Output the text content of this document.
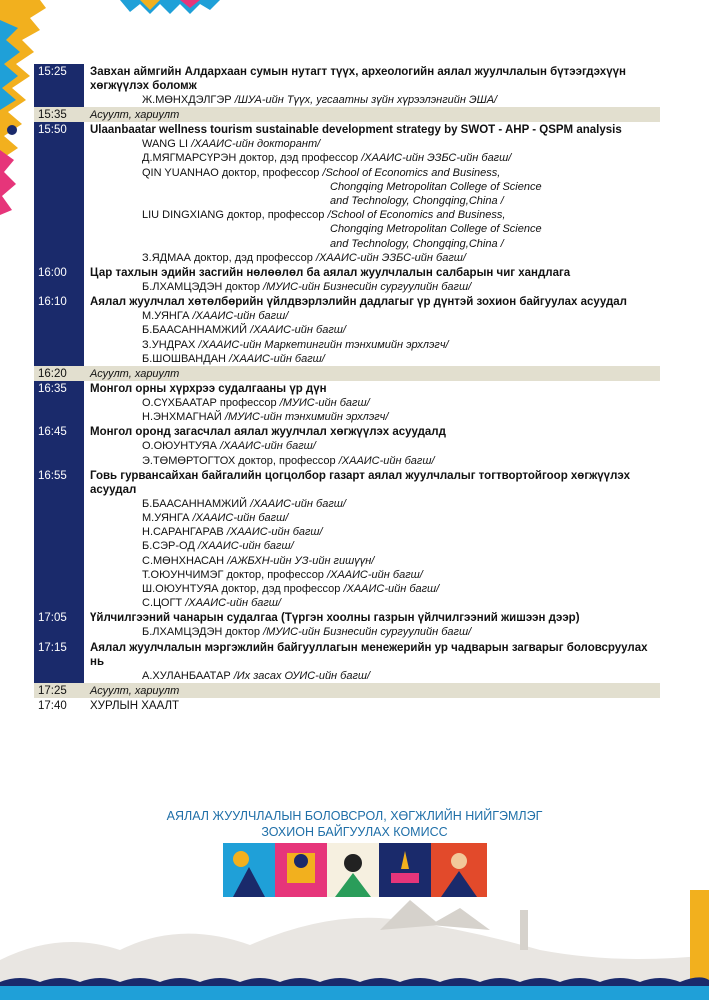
15:25	Завхан аймгийн Алдархаан сумын нутагт түүх, археологийн аялал жуулчлалын бүтээгдэхүүн хөгжүүлэх боломж
Ж.МӨНХДЭЛГЭР /ШУА-ийн Түүх, угсаатны зүйн хүрээлэнгийн ЭША/
15:35	Асуулт, хариулт
15:50	Ulaanbaatar wellness tourism sustainable development strategy by SWOT - AHP - QSPM analysis
WANG LI /ХААИС-ийн докторант/
Д.МЯГМАРСҮРЭН доктор, дэд профессор /ХААИС-ийн ЭЗБС-ийн багш/
QIN YUANHAO доктор, профессор /School of Economics and Business,
Chongqing Metropolitan College of Science
and Technology, Chongqing,China /
LIU DINGXIANG доктор, профессор /School of Economics and Business,
Chongqing Metropolitan College of Science
and Technology, Chongqing,China /
З.ЯДМАА доктор, дэд профессор /ХААИС-ийн ЭЗБС-ийн багш/
16:00	Цар тахлын эдийн засгийн нөлөөлөл ба аялал жуулчлалын салбарын чиг хандлага
Б.ЛХАМЦЭДЭН доктор /МУИС-ийн Бизнесийн сургуулийн багш/
16:10	Аялал жуулчлал хөтөлбөрийн үйлдвэрлэлийн дадлагыг үр дүнтэй зохион байгуулах асуудал
М.УЯНГА /ХААИС-ийн багш/
Б.БААСАННАМЖИЙ /ХААИС-ийн багш/
З.УНДРАХ /ХААИС-ийн Маркетингийн тэнхимийн эрхлэгч/
Б.ШОШВАНДАН /ХААИС-ийн багш/
16:20	Асуулт, хариулт
16:35	Монгол орны хүрхрээ судалгааны үр дүн
О.СҮХБААТАР профессор /МУИС-ийн багш/
Н.ЭНХМАГНАЙ /МУИС-ийн тэнхимийн эрхлэгч/
16:45	Монгол оронд загасчлал аялал жуулчлал хөгжүүлэх асуудалд
О.ОЮУНТУЯА /ХААИС-ийн багш/
Э.ТӨМӨРТОГТОХ доктор, профессор /ХААИС-ийн багш/
16:55	Говь гурвансайхан байгалийн цогцолбор газарт аялал жуулчлалыг тогтвортойгоор хөгжүүлэх асуудал
Б.БААСАННАМЖИЙ /ХААИС-ийн багш/
М.УЯНГА /ХААИС-ийн багш/
Н.САРАНГАРАВ /ХААИС-ийн багш/
Б.СЭР-ОД /ХААИС-ийн багш/
С.МӨНХНАСАН /АЖБХН-ийн УЗ-ийн гишүүн/
Т.ОЮУНЧИМЭГ доктор, профессор /ХААИС-ийн багш/
Ш.ОЮУНТУЯА доктор, дэд профессор /ХААИС-ийн багш/
С.ЦОГТ /ХААИС-ийн багш/
17:05	Үйлчилгээний чанарын судалгаа (Түргэн хоолны газрын үйлчилгээний жишээн дээр)
Б.ЛХАМЦЭДЭН доктор /МУИС-ийн Бизнесийн сургуулийн багш/
17:15	Аялал жуулчлалын мэргэжлийн байгууллагын менежерийн ур чадварын загварыг боловсруулах нь
А.ХУЛАНБААТАР /Их засах ОУИС-ийн багш/
17:25	Асуулт, хариулт
17:40	ХУРЛЫН ХААЛТ
АЯЛАЛ ЖУУЛЧЛАЛЫН БОЛОВСРОЛ, ХӨГЖЛИЙН НИЙГЭМЛЭГ
ЗОХИОН БАЙГУУЛАХ КОМИСС
